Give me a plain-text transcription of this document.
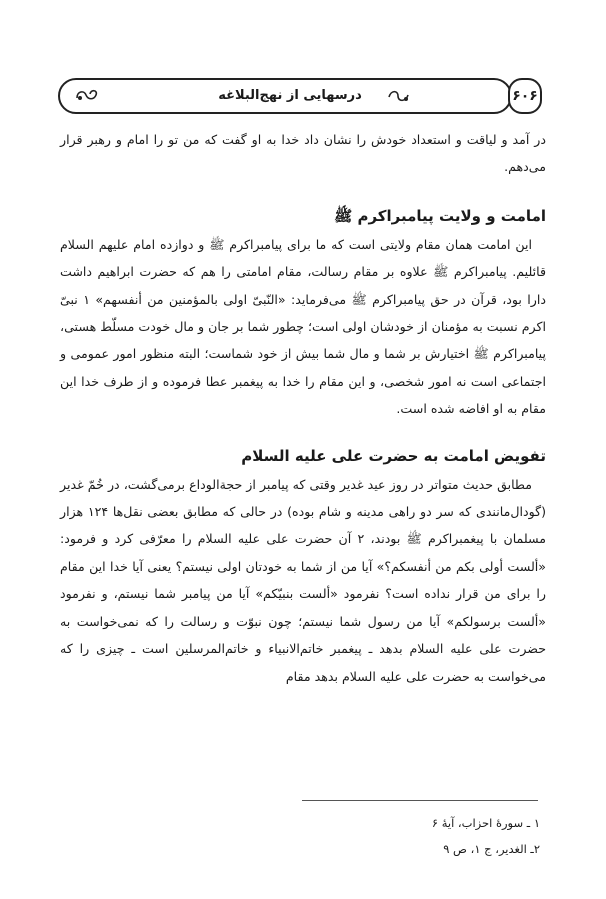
درسهایی از نهج‌البلاغه	۶۰۶

در آمد و لیاقت و استعداد خودش را نشان داد خدا به او گفت که من تو را امام و رهبر قرار می‌دهم.

امامت و ولایت پیامبراکرم ﷺ

این امامت همان مقام ولایتی است که ما برای پیامبراکرم ﷺ و دوازده امام علیهم السلام قائلیم. پیامبراکرم ﷺ علاوه بر مقام رسالت، مقام امامتی را هم که حضرت ابراهیم داشت دارا بود، قرآن در حق پیامبراکرم ﷺ می‌فرماید: «النّبیّ اولی بالمؤمنین من أنفسهم» ۱ نبیّ اکرم نسبت به مؤمنان از خودشان اولی است؛ چطور شما بر جان و مال خودت مسلّط هستی، پیامبراکرم ﷺ اختیارش بر شما و مال شما بیش از خود شماست؛ البته منظور امور عمومی و اجتماعی است نه امور شخصی، و این مقام را خدا به پیغمبر عطا فرموده و از طرف خدا این مقام به او افاضه شده است.

تفویض امامت به حضرت علی علیه السلام

مطابق حدیث متواتر در روز عید غدیر وقتی که پیامبر از حجةالوداع برمی‌گشت، در خُمّ غدیر (گودال‌مانندی که سر دو راهی مدینه و شام بوده) در حالی که مطابق بعضی نقل‌ها ۱۲۴ هزار مسلمان با پیغمبراکرم ﷺ بودند، ۲ آن حضرت علی علیه السلام را معرّفی کرد و فرمود: «ألست أولی بکم من أنفسکم؟» آیا من از شما به خودتان اولی نیستم؟ یعنی آیا خدا این مقام را برای من قرار نداده است؟ نفرمود «ألست بنبیّکم» آیا من پیامبر شما نیستم، و نفرمود «ألست برسولکم» آیا من رسول شما نیستم؛ چون نبوّت و رسالت را که نمی‌خواست به حضرت علی علیه السلام بدهد ـ پیغمبر خاتم‌الانبیاء و خاتم‌المرسلین است ـ چیزی را که می‌خواست به حضرت علی علیه السلام بدهد مقام

۱ ـ سورهٔ احزاب، آیهٔ ۶
۲ـ الغدیر، ج ۱، ص ۹
